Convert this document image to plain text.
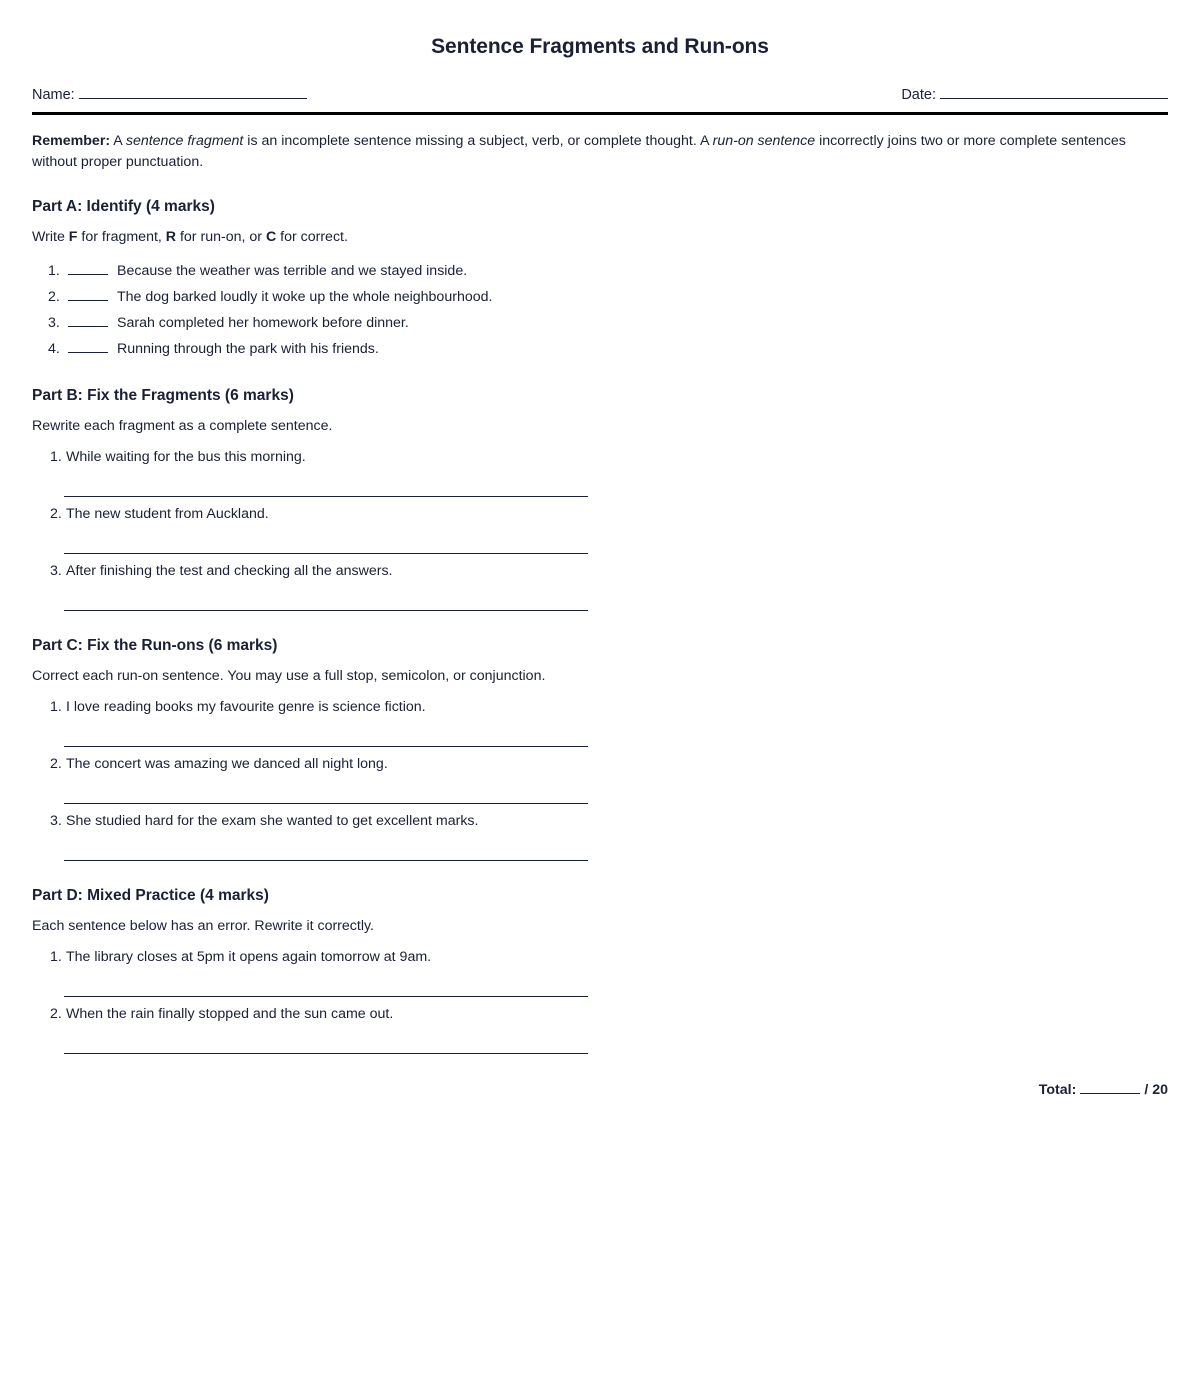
Sentence Fragments and Run-ons
Name:	Date:

Remember: A sentence fragment is an incomplete sentence missing a subject, verb, or complete thought. A run-on sentence incorrectly joins two or more complete sentences without proper punctuation.

Part A: Identify (4 marks)

Write F for fragment, R for run-on, or C for correct.

1.	Because the weather was terrible and we stayed inside.
2.	The dog barked loudly it woke up the whole neighbourhood.
3.	Sarah completed her homework before dinner.
4.	Running through the park with his friends.
Part B: Fix the Fragments (6 marks)

Rewrite each fragment as a complete sentence.

1. While waiting for the bus this morning.
2. The new student from Auckland.
3. After finishing the test and checking all the answers.
Part C: Fix the Run-ons (6 marks)

Correct each run-on sentence. You may use a full stop, semicolon, or conjunction.

1. I love reading books my favourite genre is science fiction.
2. The concert was amazing we danced all night long.
3. She studied hard for the exam she wanted to get excellent marks.
Part D: Mixed Practice (4 marks)

Each sentence below has an error. Rewrite it correctly.

1. The library closes at 5pm it opens again tomorrow at 9am.
2. When the rain finally stopped and the sun came out.
Total:	/ 20
